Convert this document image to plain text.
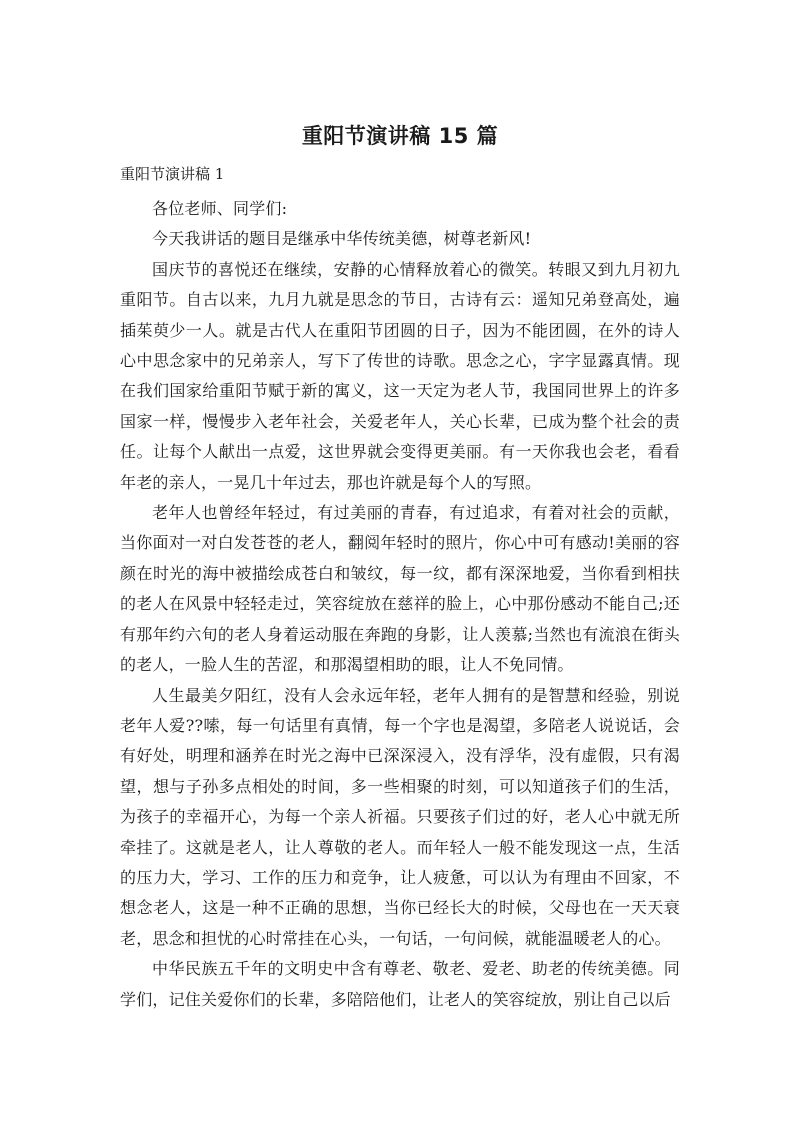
重阳节演讲稿 15 篇

重阳节演讲稿 1

各位老师、同学们:

今天我讲话的题目是继承中华传统美德，树尊老新风!

国庆节的喜悦还在继续，安静的心情释放着心的微笑。转眼又到九月初九重阳节。自古以来，九月九就是思念的节日，古诗有云：遥知兄弟登高处，遍插茱萸少一人。就是古代人在重阳节团圆的日子，因为不能团圆，在外的诗人心中思念家中的兄弟亲人，写下了传世的诗歌。思念之心，字字显露真情。现在我们国家给重阳节赋于新的寓义，这一天定为老人节，我国同世界上的许多国家一样，慢慢步入老年社会，关爱老年人，关心长辈，已成为整个社会的责任。让每个人献出一点爱，这世界就会变得更美丽。有一天你我也会老，看看年老的亲人，一晃几十年过去，那也许就是每个人的写照。

老年人也曾经年轻过，有过美丽的青春，有过追求，有着对社会的贡献，当你面对一对白发苍苍的老人，翻阅年轻时的照片，你心中可有感动!美丽的容颜在时光的海中被描绘成苍白和皱纹，每一纹，都有深深地爱，当你看到相扶的老人在风景中轻轻走过，笑容绽放在慈祥的脸上，心中那份感动不能自己;还有那年约六旬的老人身着运动服在奔跑的身影，让人羡慕;当然也有流浪在街头的老人，一脸人生的苦涩，和那渴望相助的眼，让人不免同情。

人生最美夕阳红，没有人会永远年轻，老年人拥有的是智慧和经验，别说老年人爱??嗦，每一句话里有真情，每一个字也是渴望，多陪老人说说话，会有好处，明理和涵养在时光之海中已深深浸入，没有浮华，没有虚假，只有渴望，想与子孙多点相处的时间，多一些相聚的时刻，可以知道孩子们的生活，为孩子的幸福开心，为每一个亲人祈福。只要孩子们过的好，老人心中就无所牵挂了。这就是老人，让人尊敬的老人。而年轻人一般不能发现这一点，生活的压力大，学习、工作的压力和竞争，让人疲惫，可以认为有理由不回家，不想念老人，这是一种不正确的思想，当你已经长大的时候，父母也在一天天衰老，思念和担忧的心时常挂在心头，一句话，一句问候，就能温暖老人的心。

中华民族五千年的文明史中含有尊老、敬老、爱老、助老的传统美德。同学们，记住关爱你们的长辈，多陪陪他们，让老人的笑容绽放，别让自己以后
